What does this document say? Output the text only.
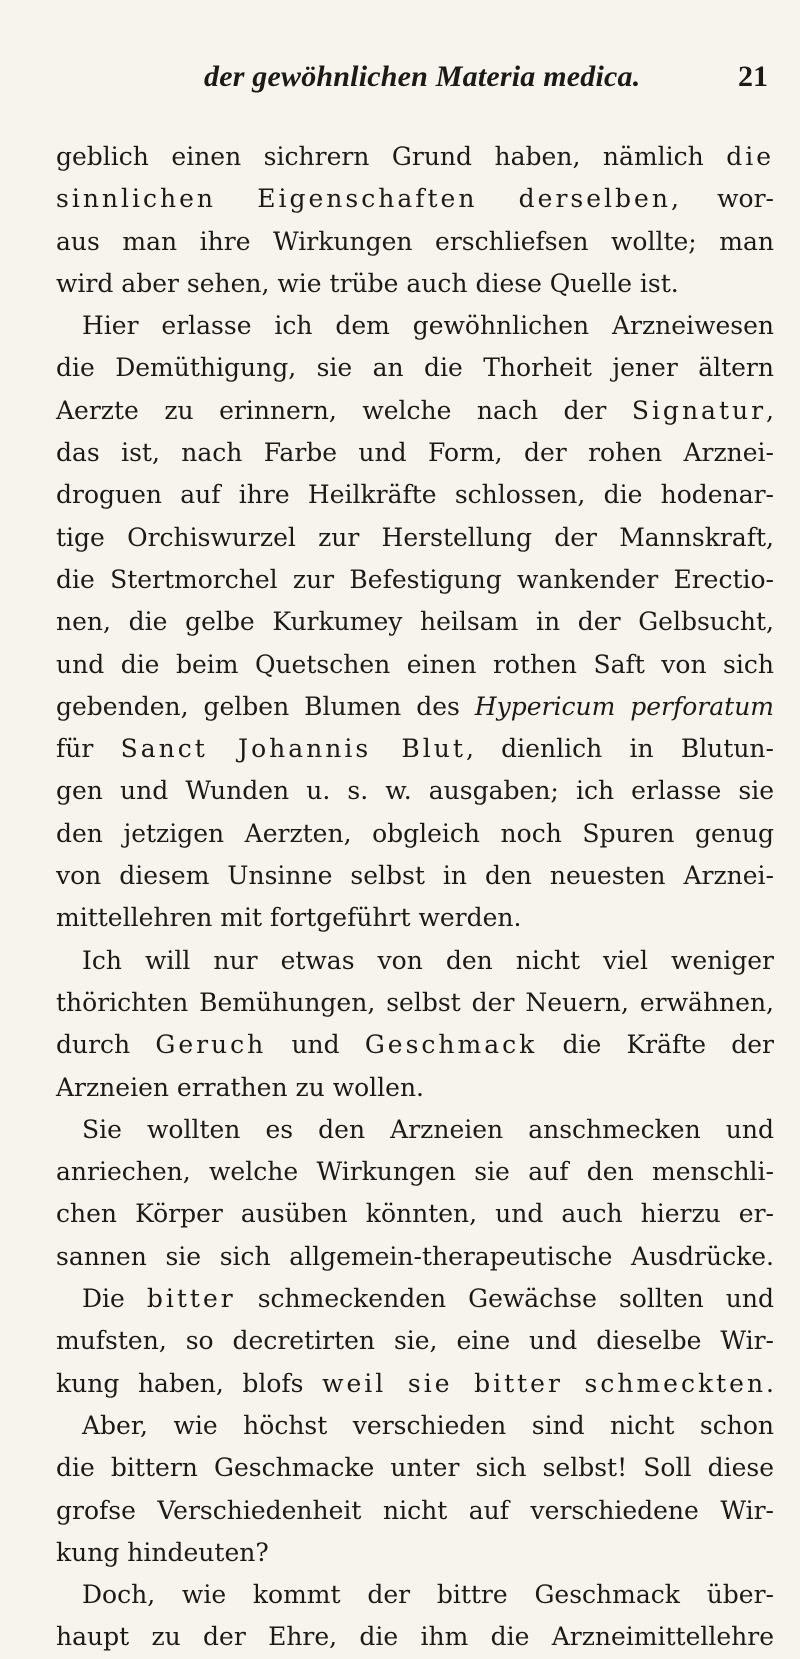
der gewöhnlichen Materia medica.	21
geblich einen sichrern Grund haben, nämlich die
sinnlichen Eigenschaften derselben, wor-
aus man ihre Wirkungen erschliefsen wollte; man
wird aber sehen, wie trübe auch diese Quelle ist.
Hier erlasse ich dem gewöhnlichen Arzneiwesen
die Demüthigung, sie an die Thorheit jener ältern
Aerzte zu erinnern, welche nach der Signatur,
das ist, nach Farbe und Form, der rohen Arznei-
droguen auf ihre Heilkräfte schlossen, die hodenar-
tige Orchiswurzel zur Herstellung der Mannskraft,
die Stertmorchel zur Befestigung wankender Erectio-
nen, die gelbe Kurkumey heilsam in der Gelbsucht,
und die beim Quetschen einen rothen Saft von sich
gebenden, gelben Blumen des Hypericum perforatum
für Sanct Johannis Blut, dienlich in Blutun-
gen und Wunden u. s. w. ausgaben; ich erlasse sie
den jetzigen Aerzten, obgleich noch Spuren genug
von diesem Unsinne selbst in den neuesten Arznei-
mittellehren mit fortgeführt werden.
Ich will nur etwas von den nicht viel weniger
thörichten Bemühungen, selbst der Neuern, erwähnen,
durch Geruch und Geschmack die Kräfte der
Arzneien errathen zu wollen.
Sie wollten es den Arzneien anschmecken und
anriechen, welche Wirkungen sie auf den menschli-
chen Körper ausüben könnten, und auch hierzu er-
sannen sie sich allgemein-therapeutische Ausdrücke.
Die bitter schmeckenden Gewächse sollten und
mufsten, so decretirten sie, eine und dieselbe Wir-
kung haben, blofs weil sie bitter schmeckten.
Aber, wie höchst verschieden sind nicht schon
die bittern Geschmacke unter sich selbst! Soll diese
grofse Verschiedenheit nicht auf verschiedene Wir-
kung hindeuten?
Doch, wie kommt der bittre Geschmack über-
haupt zu der Ehre, die ihm die Arzneimittellehre
